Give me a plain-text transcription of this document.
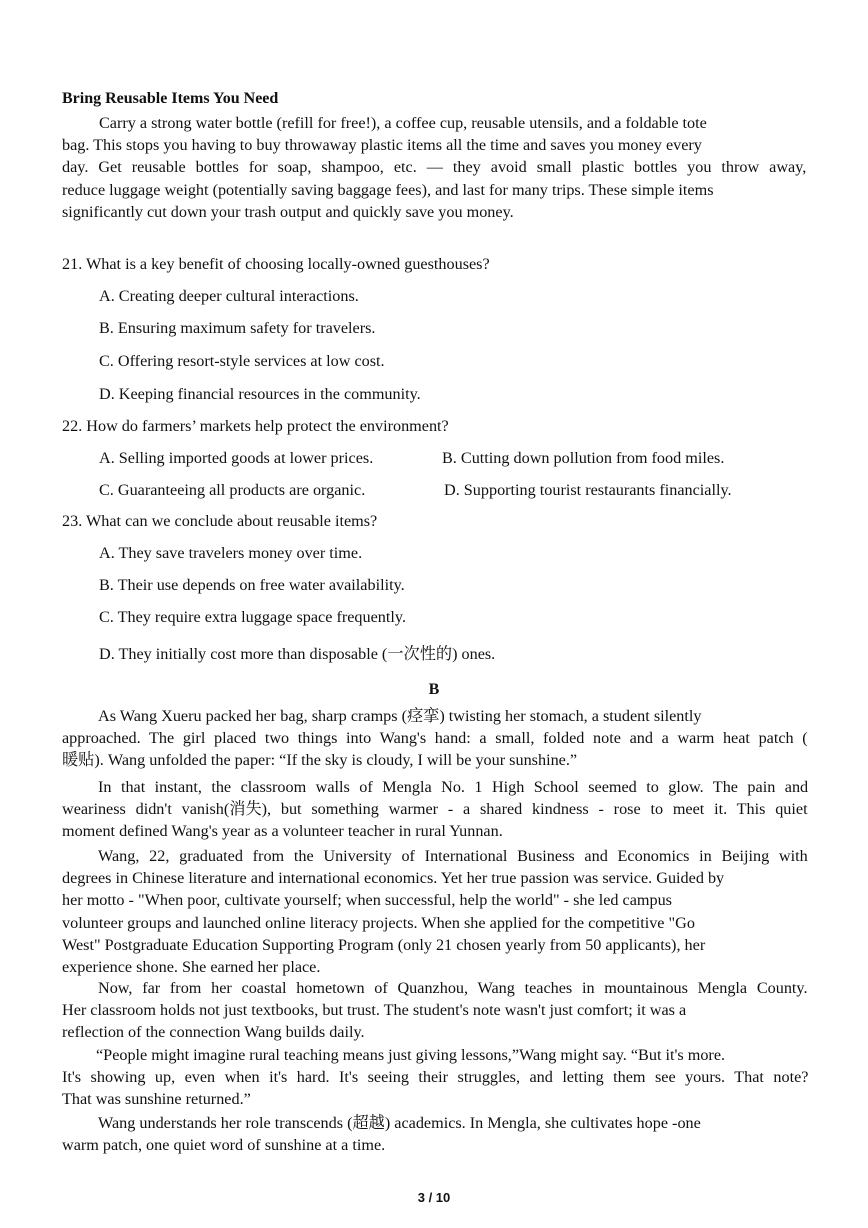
Bring Reusable Items You Need
Carry a strong water bottle (refill for free!), a coffee cup, reusable utensils, and a foldable tote
bag. This stops you having to buy throwaway plastic items all the time and saves you money every
day. Get reusable bottles for soap, shampoo, etc. — they avoid small plastic bottles you throw away,
reduce luggage weight (potentially saving baggage fees), and last for many trips. These simple items
significantly cut down your trash output and quickly save you money.
21. What is a key benefit of choosing locally-owned guesthouses?
A. Creating deeper cultural interactions.
B. Ensuring maximum safety for travelers.
C. Offering resort-style services at low cost.
D. Keeping financial resources in the community.
22. How do farmers’ markets help protect the environment?
A. Selling imported goods at lower prices.	B. Cutting down pollution from food miles.
C. Guaranteeing all products are organic.	D. Supporting tourist restaurants financially.
23. What can we conclude about reusable items?
A. They save travelers money over time.
B. Their use depends on free water availability.
C. They require extra luggage space frequently.
D. They initially cost more than disposable (一次性的) ones.
B
As Wang Xueru packed her bag, sharp cramps (痉挛) twisting her stomach, a student silently
approached. The girl placed two things into Wang's hand: a small, folded note and a warm heat patch (
暖贴). Wang unfolded the paper: “If the sky is cloudy, I will be your sunshine.”
In that instant, the classroom walls of Mengla No. 1 High School seemed to glow. The pain and
weariness didn't vanish(消失), but something warmer - a shared kindness - rose to meet it. This quiet
moment defined Wang's year as a volunteer teacher in rural Yunnan.
Wang, 22, graduated from the University of International Business and Economics in Beijing with
degrees in Chinese literature and international economics. Yet her true passion was service. Guided by
her motto - "When poor, cultivate yourself; when successful, help the world" - she led campus
volunteer groups and launched online literacy projects. When she applied for the competitive "Go
West" Postgraduate Education Supporting Program (only 21 chosen yearly from 50 applicants), her
experience shone. She earned her place.
Now, far from her coastal hometown of Quanzhou, Wang teaches in mountainous Mengla County.
Her classroom holds not just textbooks, but trust. The student's note wasn't just comfort; it was a
reflection of the connection Wang builds daily.
“People might imagine rural teaching means just giving lessons,”Wang might say. “But it's more.
It's showing up, even when it's hard. It's seeing their struggles, and letting them see yours. That note?
That was sunshine returned.”
Wang understands her role transcends (超越) academics. In Mengla, she cultivates hope -one
warm patch, one quiet word of sunshine at a time.
3 / 10
